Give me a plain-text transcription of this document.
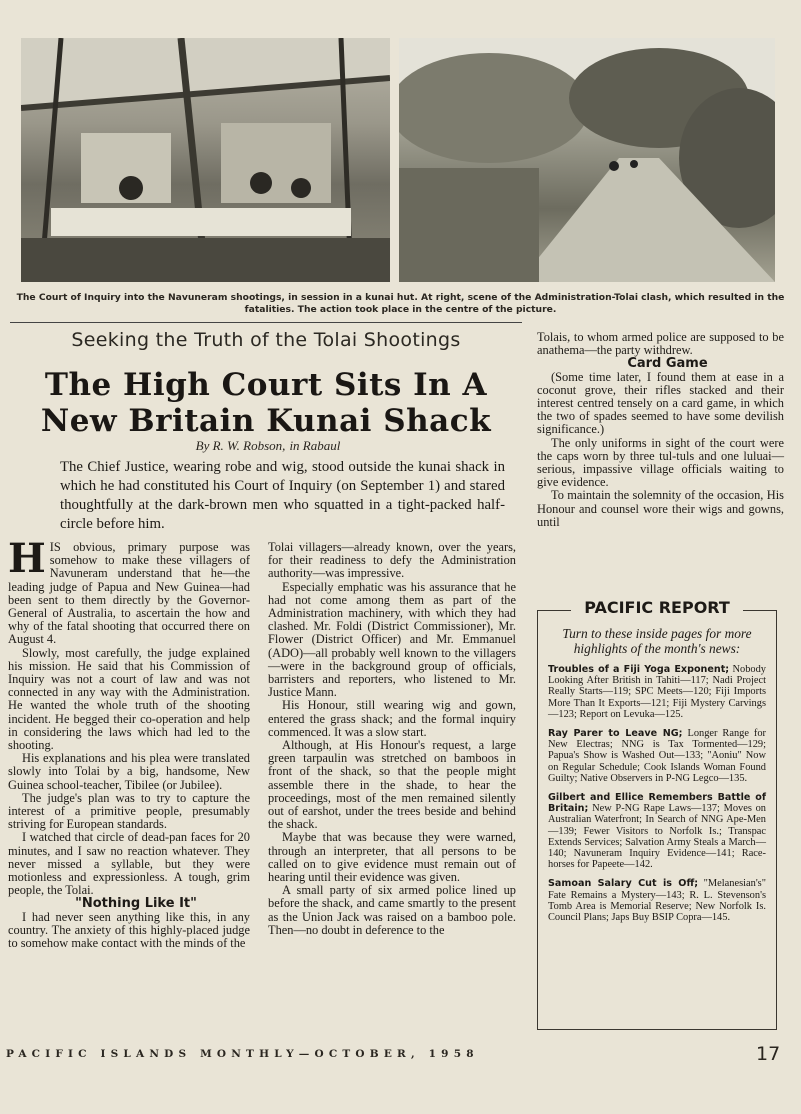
The Court of Inquiry into the Navuneram shootings, in session in a kunai hut. At right, scene of the Administration-Tolai clash, which resulted in the fatalities. The action took place in the centre of the picture.
Seeking the Truth of the Tolai Shootings
The High Court Sits In A
New Britain Kunai Shack
By R. W. Robson, in Rabaul
The Chief Justice, wearing robe and wig, stood outside the kunai shack in which he had constituted his Court of Inquiry (on September 1) and stared thoughtfully at the dark-brown men who squatted in a tight-packed half-circle before him.

HIS obvious, primary purpose was somehow to make these villagers of Navuneram understand that he—the leading judge of Papua and New Guinea—had been sent to them directly by the Governor-General of Australia, to ascertain the how and why of the fatal shooting that occurred there on August 4.

Slowly, most carefully, the judge explained his mission. He said that his Commission of Inquiry was not a court of law and was not connected in any way with the Administration. He wanted the whole truth of the shooting incident. He begged their co-operation and help in considering the laws which had led to the shooting.

His explanations and his plea were translated slowly into Tolai by a big, handsome, New Guinea school-teacher, Tibilee (or Jubilee).

The judge's plan was to try to capture the interest of a primitive people, presumably striving for European standards.

I watched that circle of dead-pan faces for 20 minutes, and I saw no reaction whatever. They never missed a syllable, but they were motionless and expressionless. A tough, grim people, the Tolai.

"Nothing Like It"

I had never seen anything like this, in any country. The anxiety of this highly-placed judge to somehow make contact with the minds of the

Tolai villagers—already known, over the years, for their readiness to defy the Administration authority—was impressive.

Especially emphatic was his assurance that he had not come among them as part of the Administration machinery, with which they had clashed. Mr. Foldi (District Commissioner), Mr. Flower (District Officer) and Mr. Emmanuel (ADO)—all probably well known to the villagers—were in the background group of officials, barristers and reporters, who listened to Mr. Justice Mann.

His Honour, still wearing wig and gown, entered the grass shack; and the formal inquiry commenced. It was a slow start.

Although, at His Honour's request, a large green tarpaulin was stretched on bamboos in front of the shack, so that the people might assemble there in the shade, to hear the proceedings, most of the men remained silently out of earshot, under the trees beside and behind the shack.

Maybe that was because they were warned, through an interpreter, that all persons to be called on to give evidence must remain out of hearing until their evidence was given.

A small party of six armed police lined up before the shack, and came smartly to the present as the Union Jack was raised on a bamboo pole. Then—no doubt in deference to the

Tolais, to whom armed police are supposed to be anathema—the party withdrew.

Card Game

(Some time later, I found them at ease in a coconut grove, their rifles stacked and their interest centred tensely on a card game, in which the two of spades seemed to have some devilish significance.)

The only uniforms in sight of the court were the caps worn by three tul-tuls and one luluai—serious, impassive village officials waiting to give evidence.

To maintain the solemnity of the occasion, His Honour and counsel wore their wigs and gowns, until

PACIFIC REPORT
Turn to these inside pages for more highlights of the month's news:
Troubles of a Fiji Yoga Exponent; Nobody Looking After British in Tahiti—117; Nadi Project Really Starts—119; SPC Meets—120; Fiji Imports More Than It Exports—121; Fiji Mystery Carvings—123; Report on Levuka—125.
Ray Parer to Leave NG; Longer Range for New Electras; NNG is Tax Tormented—129; Papua's Show is Washed Out—133; "Aoniu" Now on Regular Schedule; Cook Islands Woman Found Guilty; Native Observers in P-NG Legco—135.
Gilbert and Ellice Remembers Battle of Britain; New P-NG Rape Laws—137; Moves on Australian Waterfront; In Search of NNG Ape-Men—139; Fewer Visitors to Norfolk Is.; Transpac Extends Services; Salvation Army Steals a March—140; Navuneram Inquiry Evidence—141; Race-horses for Papeete—142.
Samoan Salary Cut is Off; "Melanesian's" Fate Remains a Mystery—143; R. L. Stevenson's Tomb Area is Memorial Reserve; New Norfolk Is. Council Plans; Japs Buy BSIP Copra—145.
PACIFIC ISLANDS MONTHLY—OCTOBER, 1958	17
